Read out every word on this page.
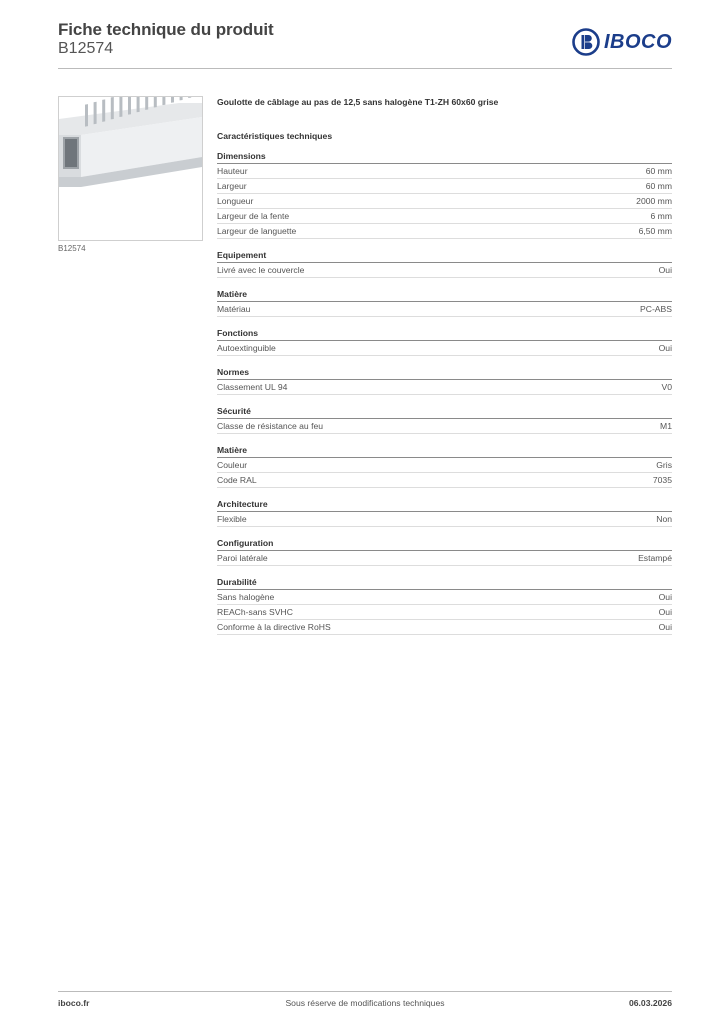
Fiche technique du produit
B12574	IBOCO
B12574
Goulotte de câblage au pas de 12,5 sans halogène T1-ZH 60x60 grise
Caractéristiques techniques
Dimensions
Hauteur	60 mm
Largeur	60 mm
Longueur	2000 mm
Largeur de la fente	6 mm
Largeur de languette	6,50 mm
Equipement
Livré avec le couvercle	Oui
Matière
Matériau	PC-ABS
Fonctions
Autoextinguible	Oui
Normes
Classement UL 94	V0
Sécurité
Classe de résistance au feu	M1
Matière
Couleur	Gris
Code RAL	7035
Architecture
Flexible	Non
Configuration
Paroi latérale	Estampé
Durabilité
Sans halogène	Oui
REACh-sans SVHC	Oui
Conforme à la directive RoHS	Oui
iboco.fr	Sous réserve de modifications techniques	06.03.2026
